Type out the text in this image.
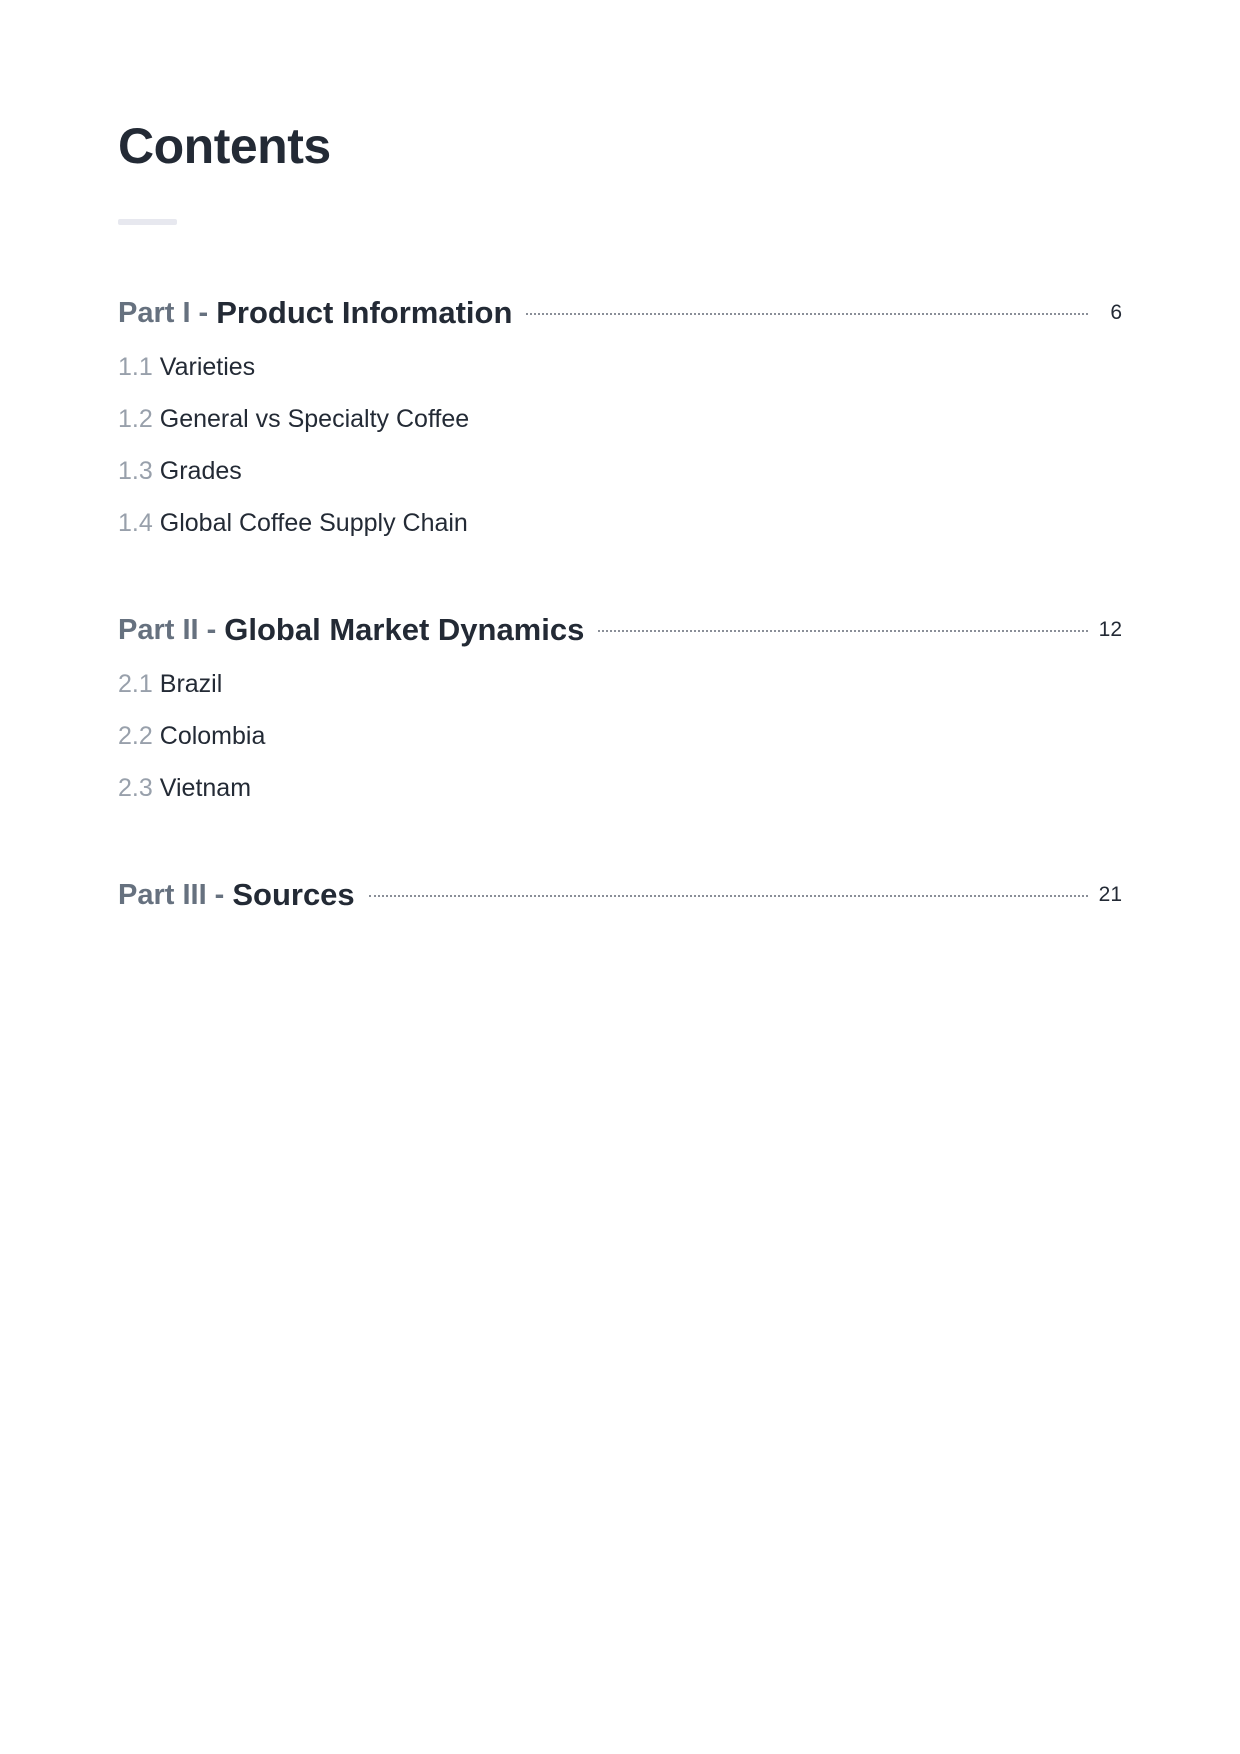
Contents
Part I - Product Information	6
1.1 Varieties
1.2 General vs Specialty Coffee
1.3 Grades
1.4 Global Coffee Supply Chain
Part II - Global Market Dynamics	12
2.1 Brazil
2.2 Colombia
2.3 Vietnam
Part III - Sources	21
